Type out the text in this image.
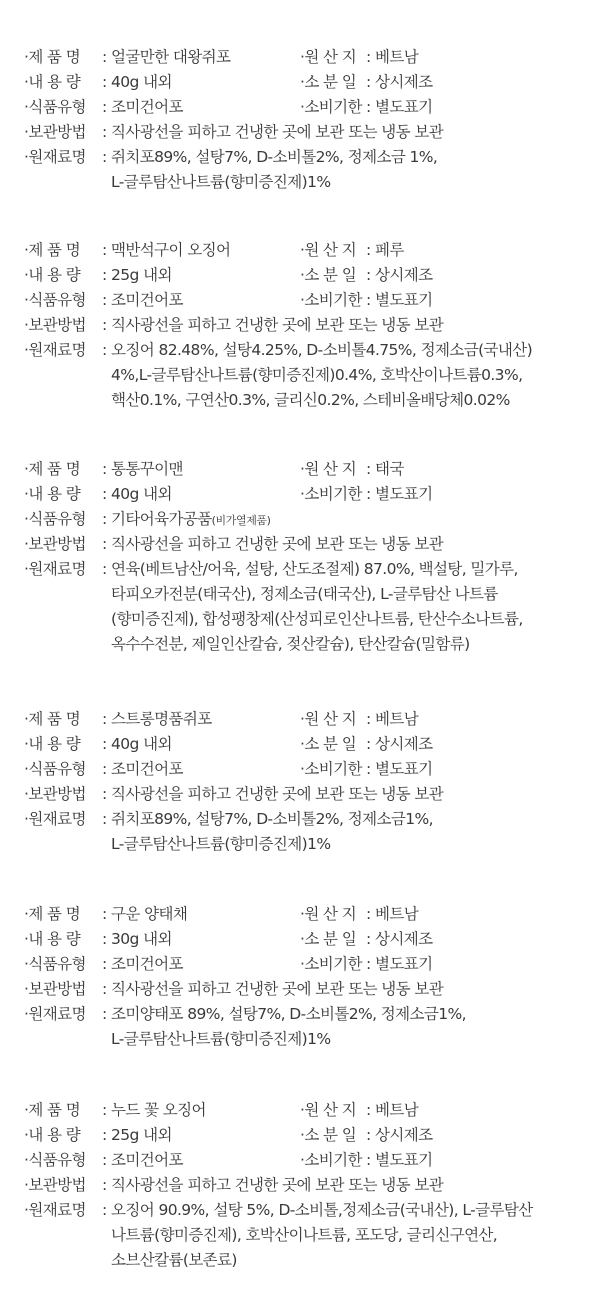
·제 품 명	: 얼굴만한 대왕쥐포	·원 산 지 : 베트남
·내 용 량	: 40g 내외	·소 분 일 : 상시제조
·식품유형	: 조미건어포	·소비기한 : 별도표기
·보관방법	: 직사광선을 피하고 건냉한 곳에 보관 또는 냉동 보관
·원재료명	: 쥐치포89%, 설탕7%, D-소비톨2%, 정제소금 1%,
L-글루탐산나트륨(향미증진제)1%
·제 품 명	: 맥반석구이 오징어	·원 산 지 : 페루
·내 용 량	: 25g 내외	·소 분 일 : 상시제조
·식품유형	: 조미건어포	·소비기한 : 별도표기
·보관방법	: 직사광선을 피하고 건냉한 곳에 보관 또는 냉동 보관
·원재료명	: 오징어 82.48%, 설탕4.25%, D-소비톨4.75%, 정제소금(국내산)
4%,L-글루탐산나트륨(향미증진제)0.4%, 호박산이나트륨0.3%,
핵산0.1%, 구연산0.3%, 글리신0.2%, 스테비올배당체0.02%
·제 품 명	: 통통꾸이맨	·원 산 지 : 태국
·내 용 량	: 40g 내외	·소비기한 : 별도표기
·식품유형	: 기타어육가공품(비가열제품)
·보관방법	: 직사광선을 피하고 건냉한 곳에 보관 또는 냉동 보관
·원재료명	: 연육(베트남산/어육, 설탕, 산도조절제) 87.0%, 백설탕, 밀가루,
타피오카전분(태국산), 정제소금(태국산), L-글루탐산 나트륨
(향미증진제), 합성팽창제(산성피로인산나트륨, 탄산수소나트륨,
옥수수전분, 제일인산칼슘, 젖산칼슘), 탄산칼슘(밀함류)
·제 품 명	: 스트롱명품쥐포	·원 산 지 : 베트남
·내 용 량	: 40g 내외	·소 분 일 : 상시제조
·식품유형	: 조미건어포	·소비기한 : 별도표기
·보관방법	: 직사광선을 피하고 건냉한 곳에 보관 또는 냉동 보관
·원재료명	: 쥐치포89%, 설탕7%, D-소비톨2%, 정제소금1%,
L-글루탐산나트륨(향미증진제)1%
·제 품 명	: 구운 양태채	·원 산 지 : 베트남
·내 용 량	: 30g 내외	·소 분 일 : 상시제조
·식품유형	: 조미건어포	·소비기한 : 별도표기
·보관방법	: 직사광선을 피하고 건냉한 곳에 보관 또는 냉동 보관
·원재료명	: 조미양태포 89%, 설탕7%, D-소비톨2%, 정제소금1%,
L-글루탐산나트륨(향미증진제)1%
·제 품 명	: 누드 꽃 오징어	·원 산 지 : 베트남
·내 용 량	: 25g 내외	·소 분 일 : 상시제조
·식품유형	: 조미건어포	·소비기한 : 별도표기
·보관방법	: 직사광선을 피하고 건냉한 곳에 보관 또는 냉동 보관
·원재료명	: 오징어 90.9%, 설탕 5%, D-소비톨,정제소금(국내산), L-글루탐산
나트륨(향미증진제), 호박산이나트륨, 포도당, 글리신구연산,
소브산칼륨(보존료)
